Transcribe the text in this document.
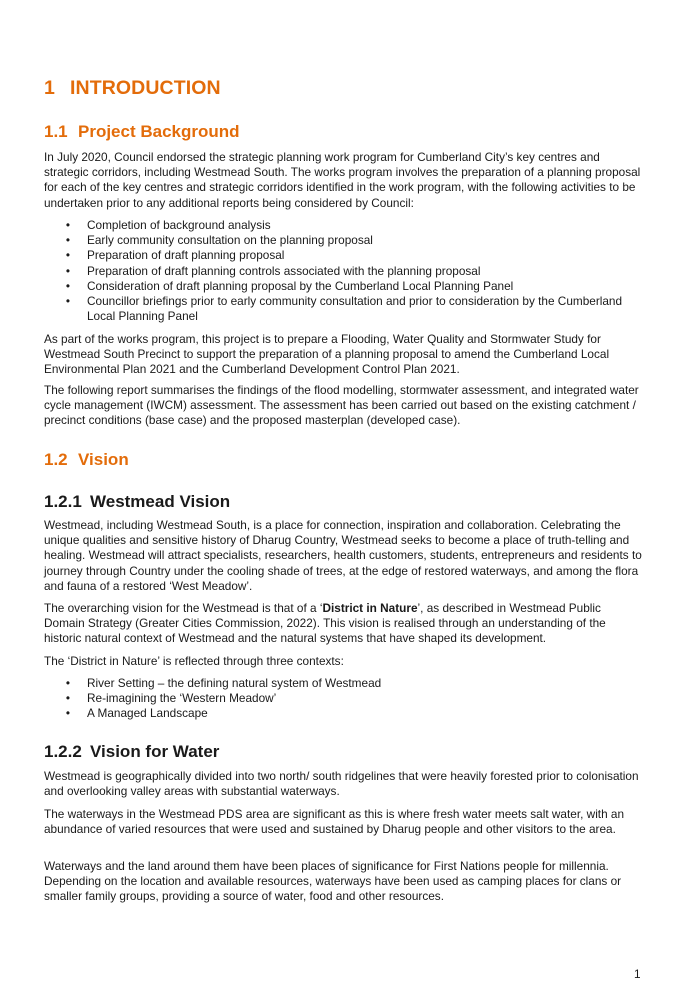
1 INTRODUCTION
1.1 Project Background

In July 2020, Council endorsed the strategic planning work program for Cumberland City’s key centres and strategic corridors, including Westmead South. The works program involves the preparation of a planning proposal for each of the key centres and strategic corridors identified in the work program, with the following activities to be undertaken prior to any additional reports being considered by Council:

• Completion of background analysis
• Early community consultation on the planning proposal
• Preparation of draft planning proposal
• Preparation of draft planning controls associated with the planning proposal
• Consideration of draft planning proposal by the Cumberland Local Planning Panel
• Councillor briefings prior to early community consultation and prior to consideration by the Cumberland Local Planning Panel

As part of the works program, this project is to prepare a Flooding, Water Quality and Stormwater Study for Westmead South Precinct to support the preparation of a planning proposal to amend the Cumberland Local Environmental Plan 2021 and the Cumberland Development Control Plan 2021.

The following report summarises the findings of the flood modelling, stormwater assessment, and integrated water cycle management (IWCM) assessment. The assessment has been carried out based on the existing catchment / precinct conditions (base case) and the proposed masterplan (developed case).

1.2 Vision
1.2.1 Westmead Vision

Westmead, including Westmead South, is a place for connection, inspiration and collaboration. Celebrating the unique qualities and sensitive history of Dharug Country, Westmead seeks to become a place of truth-telling and healing. Westmead will attract specialists, researchers, health customers, students, entrepreneurs and residents to journey through Country under the cooling shade of trees, at the edge of restored waterways, and among the flora and fauna of a restored ‘West Meadow’.

The overarching vision for the Westmead is that of a ‘District in Nature’, as described in Westmead Public Domain Strategy (Greater Cities Commission, 2022). This vision is realised through an understanding of the historic natural context of Westmead and the natural systems that have shaped its development.

The ‘District in Nature’ is reflected through three contexts:

• River Setting – the defining natural system of Westmead
• Re-imagining the ‘Western Meadow’
• A Managed Landscape
1.2.2 Vision for Water

Westmead is geographically divided into two north/ south ridgelines that were heavily forested prior to colonisation and overlooking valley areas with substantial waterways.

The waterways in the Westmead PDS area are significant as this is where fresh water meets salt water, with an abundance of varied resources that were used and sustained by Dharug people and other visitors to the area.

Waterways and the land around them have been places of significance for First Nations people for millennia. Depending on the location and available resources, waterways have been used as camping places for clans or smaller family groups, providing a source of water, food and other resources.

1
